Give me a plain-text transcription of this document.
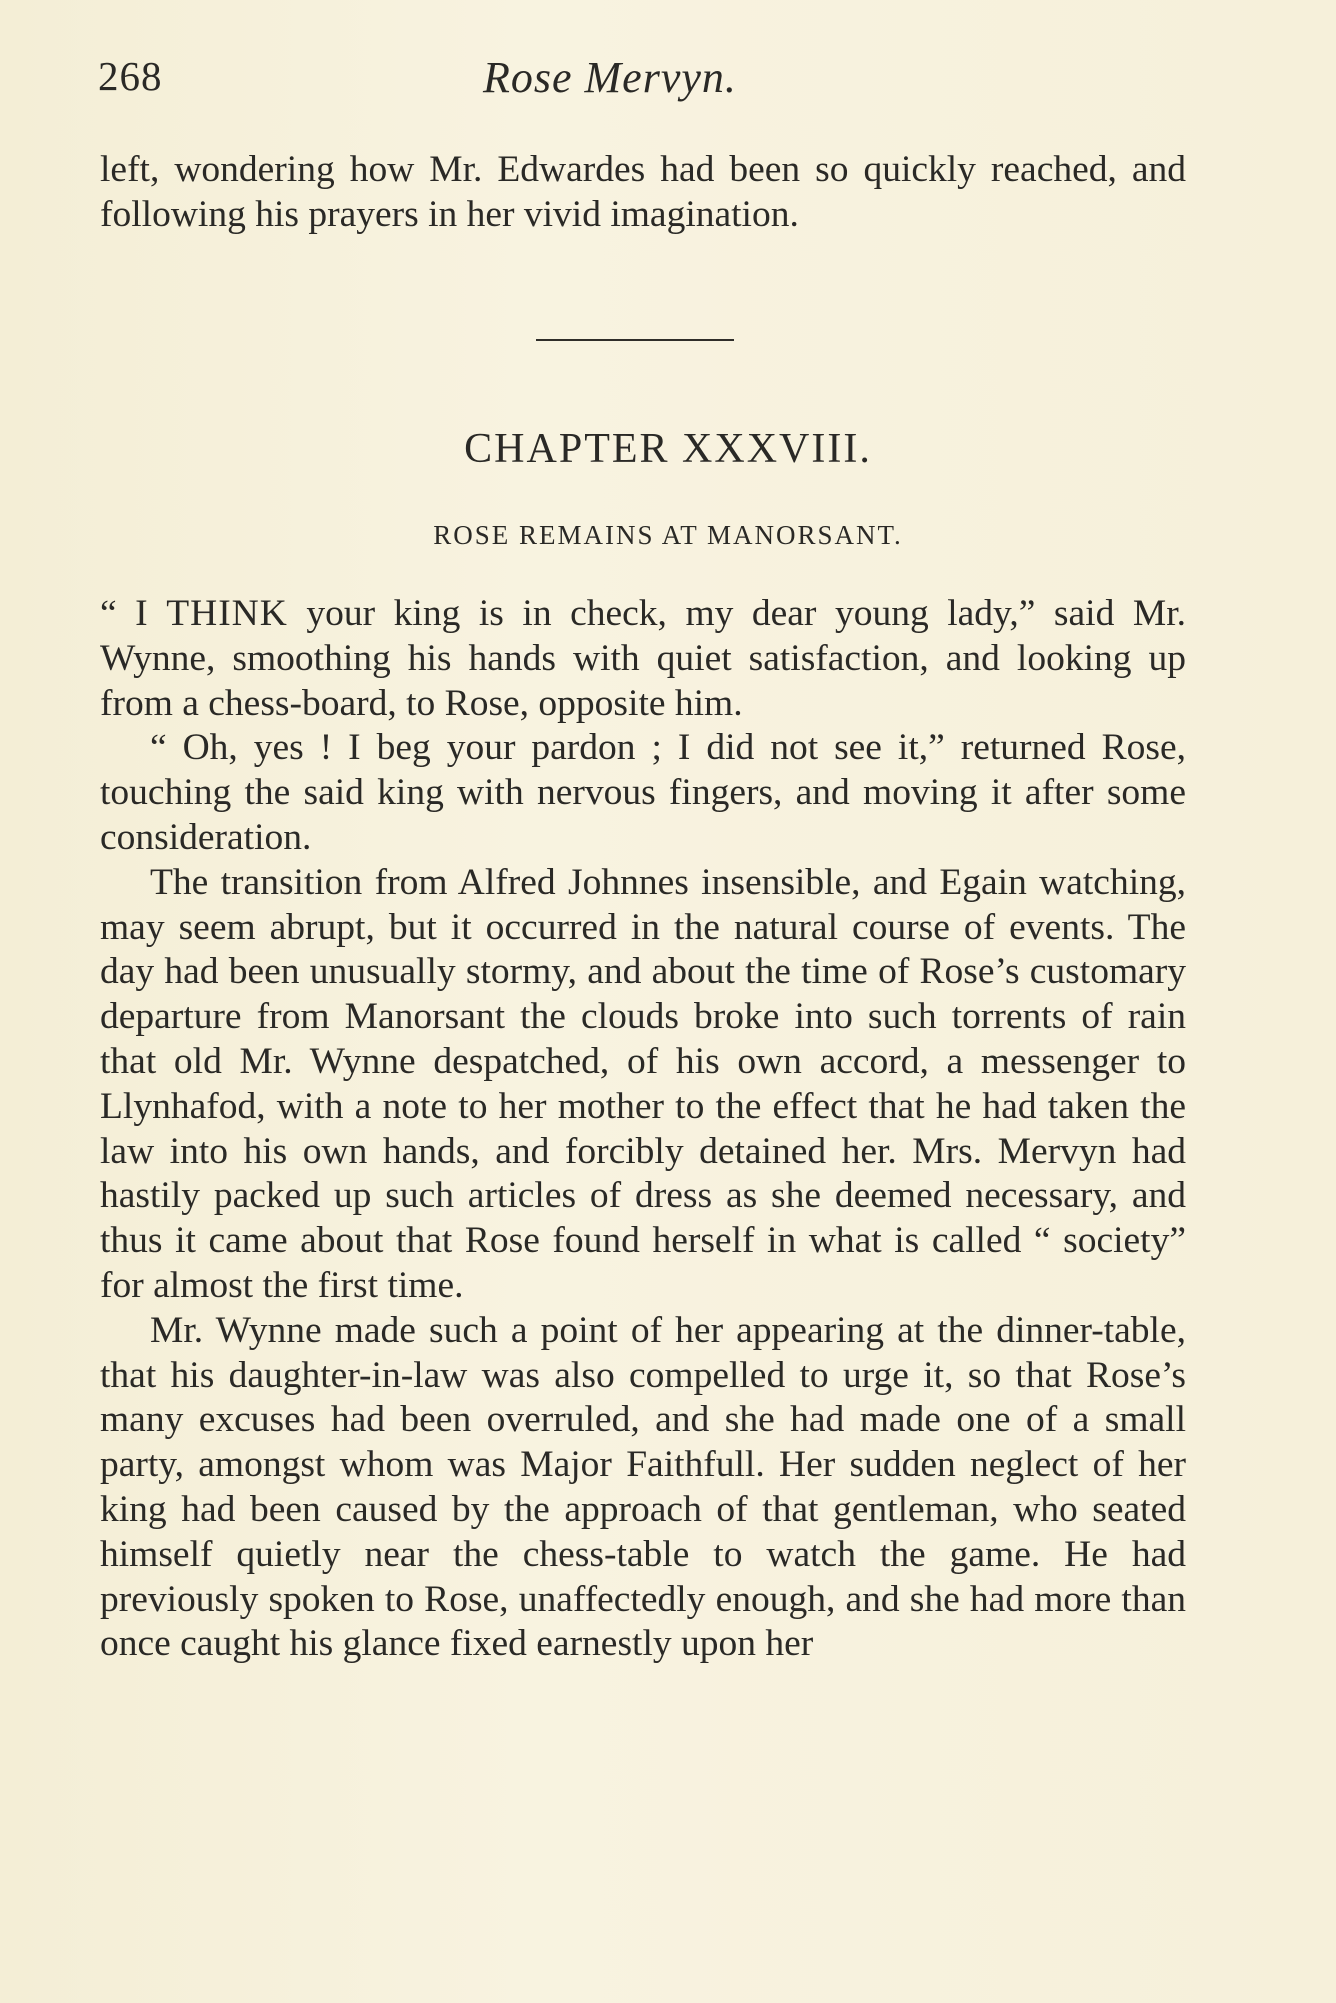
268	Rose Mervyn.

left, wondering how Mr. Edwardes had been so quickly reached, and following his prayers in her vivid imagination.

CHAPTER XXXVIII.
ROSE REMAINS AT MANORSANT.

“ I THINK your king is in check, my dear young lady,” said Mr. Wynne, smoothing his hands with quiet satisfaction, and looking up from a chess-board, to Rose, opposite him.

“ Oh, yes ! I beg your pardon ; I did not see it,” returned Rose, touching the said king with nervous fingers, and moving it after some consideration.

The transition from Alfred Johnnes insensible, and Egain watching, may seem abrupt, but it occurred in the natural course of events. The day had been unusually stormy, and about the time of Rose’s customary departure from Manorsant the clouds broke into such torrents of rain that old Mr. Wynne despatched, of his own accord, a messenger to Llynhafod, with a note to her mother to the effect that he had taken the law into his own hands, and forcibly detained her. Mrs. Mervyn had hastily packed up such articles of dress as she deemed necessary, and thus it came about that Rose found herself in what is called “ society” for almost the first time.

Mr. Wynne made such a point of her appearing at the dinner-table, that his daughter-in-law was also compelled to urge it, so that Rose’s many excuses had been overruled, and she had made one of a small party, amongst whom was Major Faithfull. Her sudden neglect of her king had been caused by the approach of that gentleman, who seated himself quietly near the chess-table to watch the game. He had previously spoken to Rose, unaffectedly enough, and she had more than once caught his glance fixed earnestly upon her
